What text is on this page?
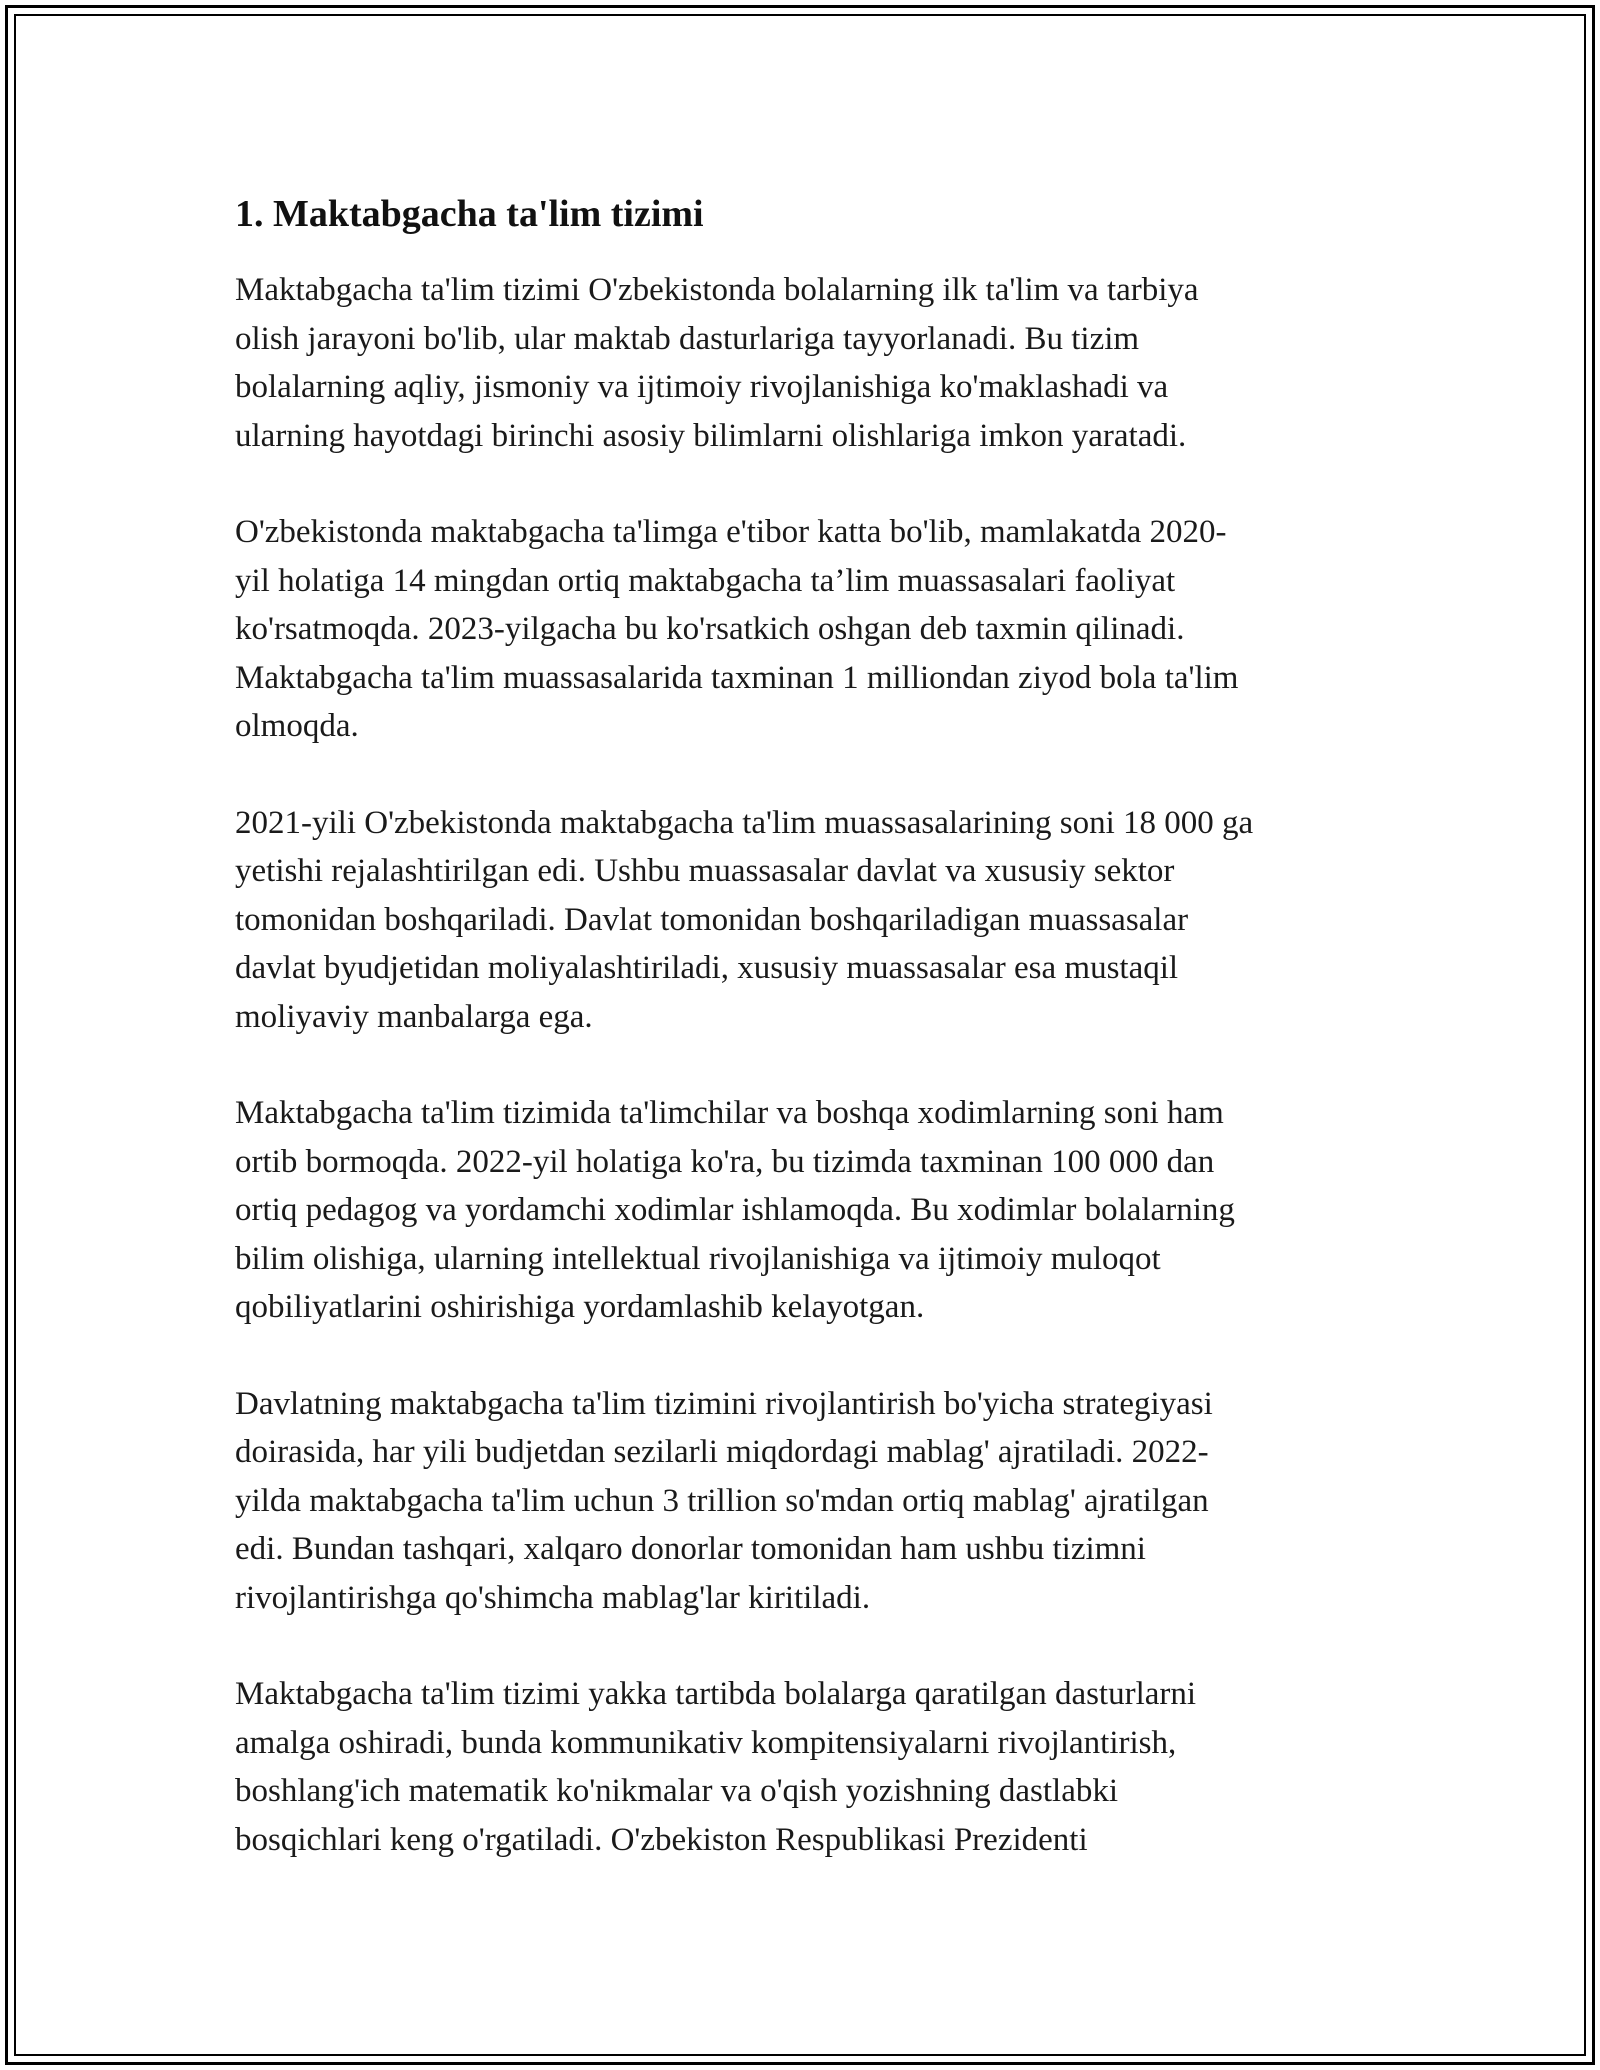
1. Maktabgacha ta'lim tizimi

Maktabgacha ta'lim tizimi O'zbekistonda bolalarning ilk ta'lim va tarbiya
olish jarayoni bo'lib, ular maktab dasturlariga tayyorlanadi. Bu tizim
bolalarning aqliy, jismoniy va ijtimoiy rivojlanishiga ko'maklashadi va
ularning hayotdagi birinchi asosiy bilimlarni olishlariga imkon yaratadi.

O'zbekistonda maktabgacha ta'limga e'tibor katta bo'lib, mamlakatda 2020-
yil holatiga 14 mingdan ortiq maktabgacha ta’lim muassasalari faoliyat
ko'rsatmoqda. 2023-yilgacha bu ko'rsatkich oshgan deb taxmin qilinadi.
Maktabgacha ta'lim muassasalarida taxminan 1 milliondan ziyod bola ta'lim
olmoqda.

2021-yili O'zbekistonda maktabgacha ta'lim muassasalarining soni 18 000 ga
yetishi rejalashtirilgan edi. Ushbu muassasalar davlat va xususiy sektor
tomonidan boshqariladi. Davlat tomonidan boshqariladigan muassasalar
davlat byudjetidan moliyalashtiriladi, xususiy muassasalar esa mustaqil
moliyaviy manbalarga ega.

Maktabgacha ta'lim tizimida ta'limchilar va boshqa xodimlarning soni ham
ortib bormoqda. 2022-yil holatiga ko'ra, bu tizimda taxminan 100 000 dan
ortiq pedagog va yordamchi xodimlar ishlamoqda. Bu xodimlar bolalarning
bilim olishiga, ularning intellektual rivojlanishiga va ijtimoiy muloqot
qobiliyatlarini oshirishiga yordamlashib kelayotgan.

Davlatning maktabgacha ta'lim tizimini rivojlantirish bo'yicha strategiyasi
doirasida, har yili budjetdan sezilarli miqdordagi mablag' ajratiladi. 2022-
yilda maktabgacha ta'lim uchun 3 trillion so'mdan ortiq mablag' ajratilgan
edi. Bundan tashqari, xalqaro donorlar tomonidan ham ushbu tizimni
rivojlantirishga qo'shimcha mablag'lar kiritiladi.

Maktabgacha ta'lim tizimi yakka tartibda bolalarga qaratilgan dasturlarni
amalga oshiradi, bunda kommunikativ kompitensiyalarni rivojlantirish,
boshlang'ich matematik ko'nikmalar va o'qish yozishning dastlabki
bosqichlari keng o'rgatiladi. O'zbekiston Respublikasi Prezidenti
